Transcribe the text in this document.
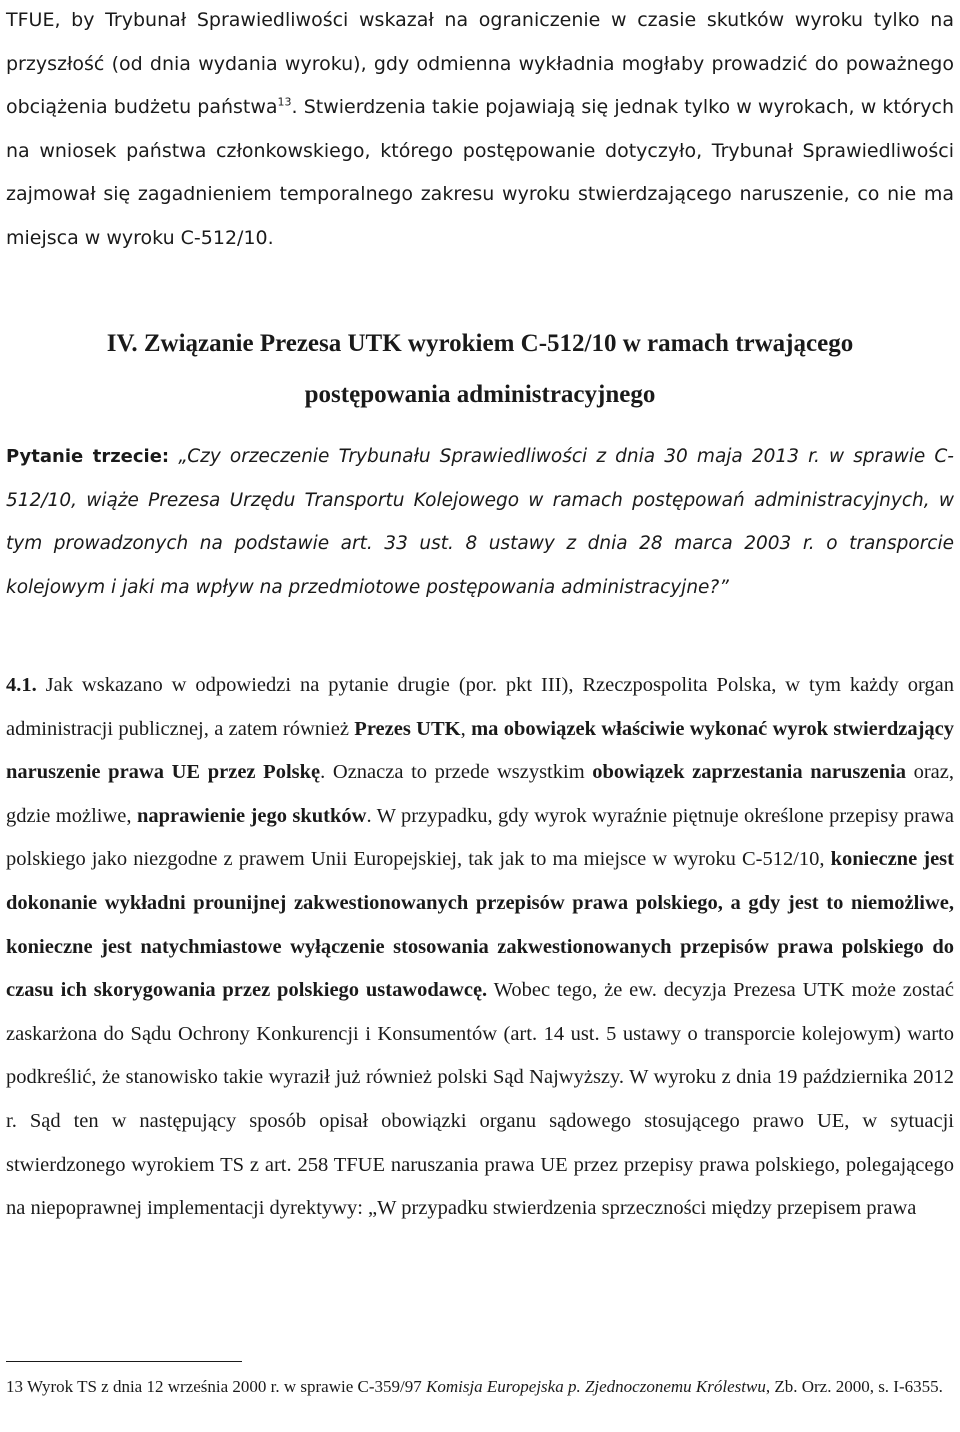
TFUE, by Trybunał Sprawiedliwości wskazał na ograniczenie w czasie skutków wyroku tylko na przyszłość (od dnia wydania wyroku), gdy odmienna wykładnia mogłaby prowadzić do poważnego obciążenia budżetu państwa$^{13}$. Stwierdzenia takie pojawiają się jednak tylko w wyrokach, w których na wniosek państwa członkowskiego, którego postępowanie dotyczyło, Trybunał Sprawiedliwości zajmował się zagadnieniem temporalnego zakresu wyroku stwierdzającego naruszenie, co nie ma miejsca w wyroku C-512/10.

IV. Związanie Prezesa UTK wyrokiem C-512/10 w ramach trwającego
postępowania administracyjnego

Pytanie trzecie: „Czy orzeczenie Trybunału Sprawiedliwości z dnia 30 maja 2013 r. w sprawie C-512/10, wiąże Prezesa Urzędu Transportu Kolejowego w ramach postępowań administracyjnych, w tym prowadzonych na podstawie art. 33 ust. 8 ustawy z dnia 28 marca 2003 r. o transporcie kolejowym i jaki ma wpływ na przedmiotowe postępowania administracyjne?”

4.1. Jak wskazano w odpowiedzi na pytanie drugie (por. pkt III), Rzeczpospolita Polska, w tym każdy organ administracji publicznej, a zatem również Prezes UTK, ma obowiązek właściwie wykonać wyrok stwierdzający naruszenie prawa UE przez Polskę. Oznacza to przede wszystkim obowiązek zaprzestania naruszenia oraz, gdzie możliwe, naprawienie jego skutków. W przypadku, gdy wyrok wyraźnie piętnuje określone przepisy prawa polskiego jako niezgodne z prawem Unii Europejskiej, tak jak to ma miejsce w wyroku C-512/10, konieczne jest dokonanie wykładni prounijnej zakwestionowanych przepisów prawa polskiego, a gdy jest to niemożliwe, konieczne jest natychmiastowe wyłączenie stosowania zakwestionowanych przepisów prawa polskiego do czasu ich skorygowania przez polskiego ustawodawcę. Wobec tego, że ew. decyzja Prezesa UTK może zostać zaskarżona do Sądu Ochrony Konkurencji i Konsumentów (art. 14 ust. 5 ustawy o transporcie kolejowym) warto podkreślić, że stanowisko takie wyraził już również polski Sąd Najwyższy. W wyroku z dnia 19 października 2012 r. Sąd ten w następujący sposób opisał obowiązki organu sądowego stosującego prawo UE, w sytuacji stwierdzonego wyrokiem TS z art. 258 TFUE naruszania prawa UE przez przepisy prawa polskiego, polegającego na niepoprawnej implementacji dyrektywy: „W przypadku stwierdzenia sprzeczności między przepisem prawa

13 Wyrok TS z dnia 12 września 2000 r. w sprawie C-359/97 Komisja Europejska p. Zjednoczonemu Królestwu, Zb. Orz. 2000, s. I-6355.
